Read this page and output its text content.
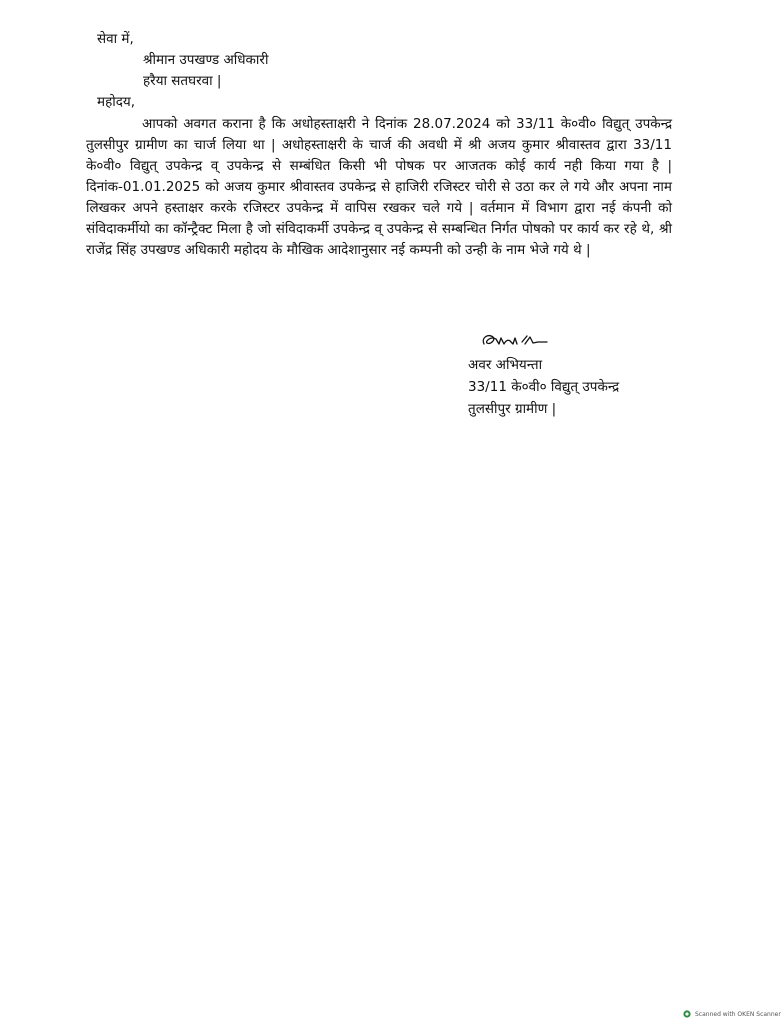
सेवा में,
श्रीमान उपखण्ड अधिकारी
हरैया सतघरवा |
महोदय,

आपको अवगत कराना है कि अधोहस्ताक्षरी ने दिनांक 28.07.2024 को 33/11 के०वी० विद्युत् उपकेन्द्र तुलसीपुर ग्रामीण का चार्ज लिया था | अधोहस्ताक्षरी के चार्ज की अवधी में श्री अजय कुमार श्रीवास्तव द्वारा 33/11 के०वी० विद्युत् उपकेन्द्र व् उपकेन्द्र से सम्बंधित किसी भी पोषक पर आजतक कोई कार्य नही किया गया है | दिनांक-01.01.2025 को अजय कुमार श्रीवास्तव उपकेन्द्र से हाजिरी रजिस्टर चोरी से उठा कर ले गये और अपना नाम लिखकर अपने हस्ताक्षर करके रजिस्टर उपकेन्द्र में वापिस रखकर चले गये | वर्तमान में विभाग द्वारा नई कंपनी को संविदाकर्मीयो का कॉन्ट्रैक्ट मिला है जो संविदाकर्मी उपकेन्द्र व् उपकेन्द्र से सम्बन्धित निर्गत पोषको पर कार्य कर रहे थे, श्री राजेंद्र सिंह उपखण्ड अधिकारी महोदय के मौखिक आदेशानुसार नई कम्पनी को उन्ही के नाम भेजे गये थे |

अवर अभियन्ता
33/11 के०वी० विद्युत् उपकेन्द्र
तुलसीपुर ग्रामीण |
Scanned with OKEN Scanner
